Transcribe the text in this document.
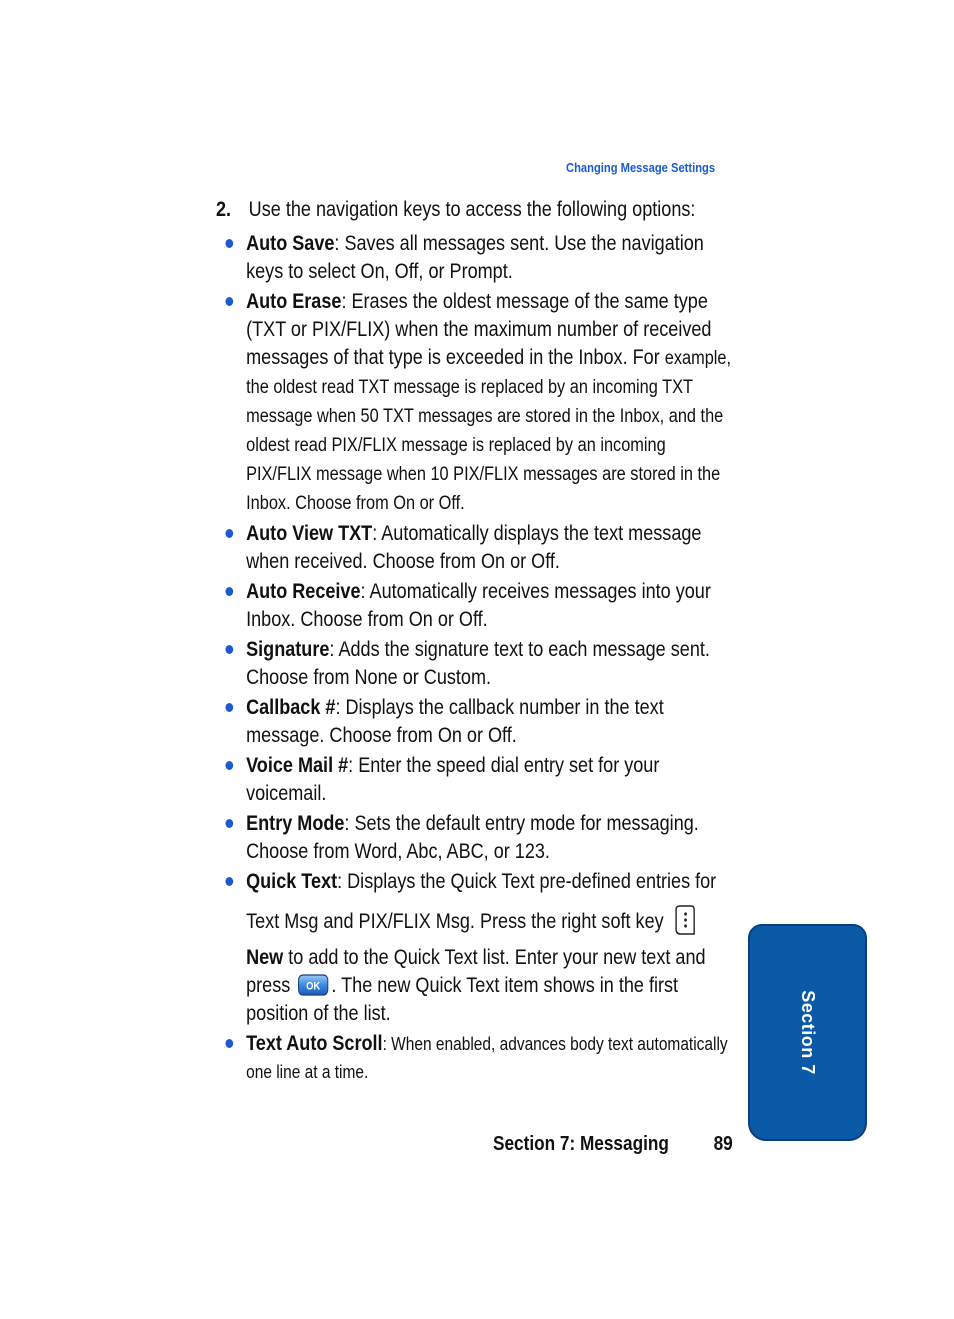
Changing Message Settings
2. Use the navigation keys to access the following options:
Auto Save: Saves all messages sent. Use the navigation keys to select On, Off, or Prompt.
Auto Erase: Erases the oldest message of the same type (TXT or PIX/FLIX) when the maximum number of received messages of that type is exceeded in the Inbox. For example, the oldest read TXT message is replaced by an incoming TXT message when 50 TXT messages are stored in the Inbox, and the oldest read PIX/FLIX message is replaced by an incoming PIX/FLIX message when 10 PIX/FLIX messages are stored in the Inbox. Choose from On or Off.
Auto View TXT: Automatically displays the text message when received. Choose from On or Off.
Auto Receive: Automatically receives messages into your Inbox. Choose from On or Off.
Signature: Adds the signature text to each message sent. Choose from None or Custom.
Callback #: Displays the callback number in the text message. Choose from On or Off.
Voice Mail #: Enter the speed dial entry set for your voicemail.
Entry Mode: Sets the default entry mode for messaging. Choose from Word, Abc, ABC, or 123.
Quick Text: Displays the Quick Text pre-defined entries for
Text Msg and PIX/FLIX Msg. Press the right soft key
New to add to the Quick Text list. Enter your new text and press OK . The new Quick Text item shows in the first position of the list.
Text Auto Scroll: When enabled, advances body text automatically one line at a time.
Section 7: Messaging 89
Section 7
